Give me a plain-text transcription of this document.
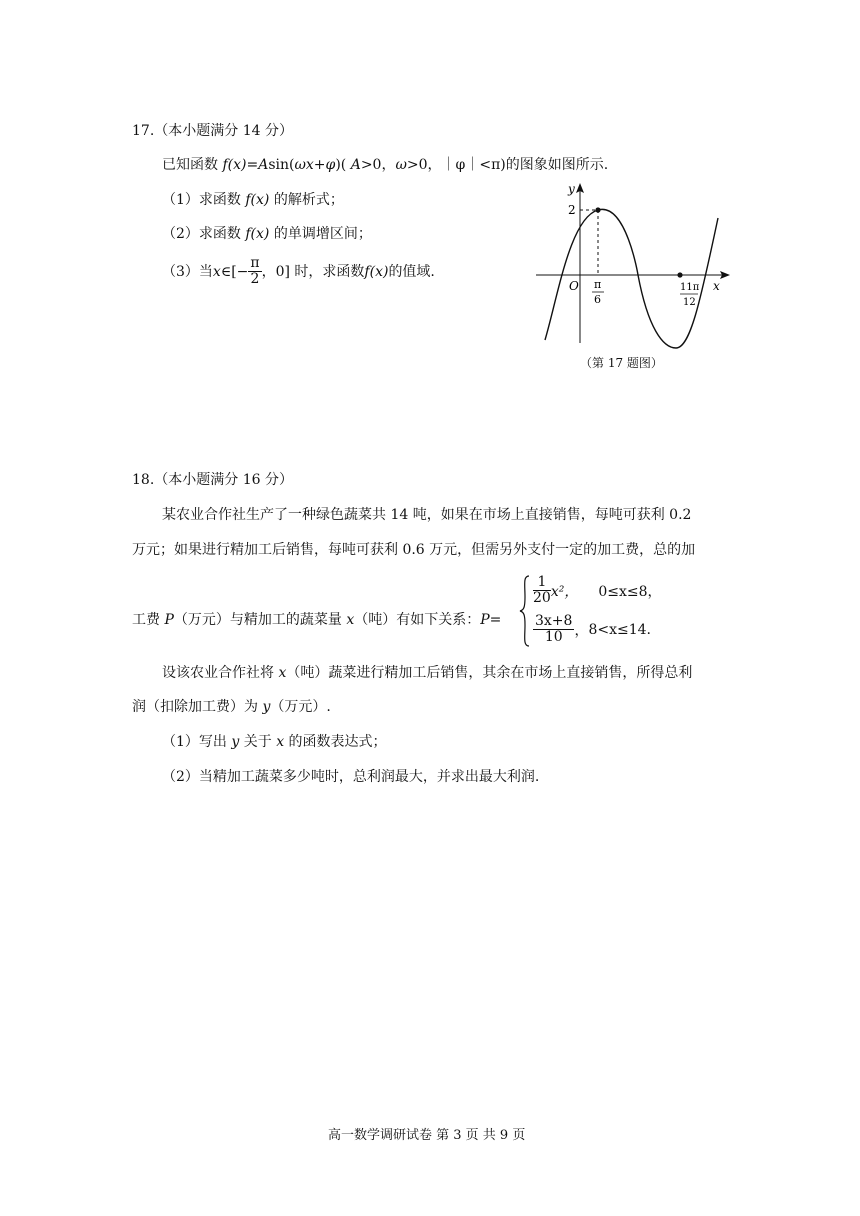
17.（本小题满分 14 分）
已知函数 f(x)=Asin(ωx+φ)( A>0，ω>0，｜φ｜<π)的图象如图所示.
（1）求函数 f(x) 的解析式；
（2）求函数 f(x) 的单调增区间；
（3）当 x ∈[− $\frac{\pi}{2}$ ，0] 时，求函数 f(x) 的值域.
y
x
O
2
π
6
11π
12
（第 17 题图）
18.（本小题满分 16 分）
某农业合作社生产了一种绿色蔬菜共 14 吨，如果在市场上直接销售，每吨可获利 0.2
万元；如果进行精加工后销售，每吨可获利 0.6 万元，但需另外支付一定的加工费，总的加
工费 P（万元）与精加工的蔬菜量 x（吨）有如下关系：P=
$\frac{1}{20} x^2$， 0≤x≤8，
$\frac{3x+8}{10}$ ， 8<x≤14.
设该农业合作社将 x（吨）蔬菜进行精加工后销售，其余在市场上直接销售，所得总利
润（扣除加工费）为 y（万元）.
（1）写出 y 关于 x 的函数表达式；
（2）当精加工蔬菜多少吨时，总利润最大，并求出最大利润.
高一数学调研试卷 第 3 页 共 9 页
